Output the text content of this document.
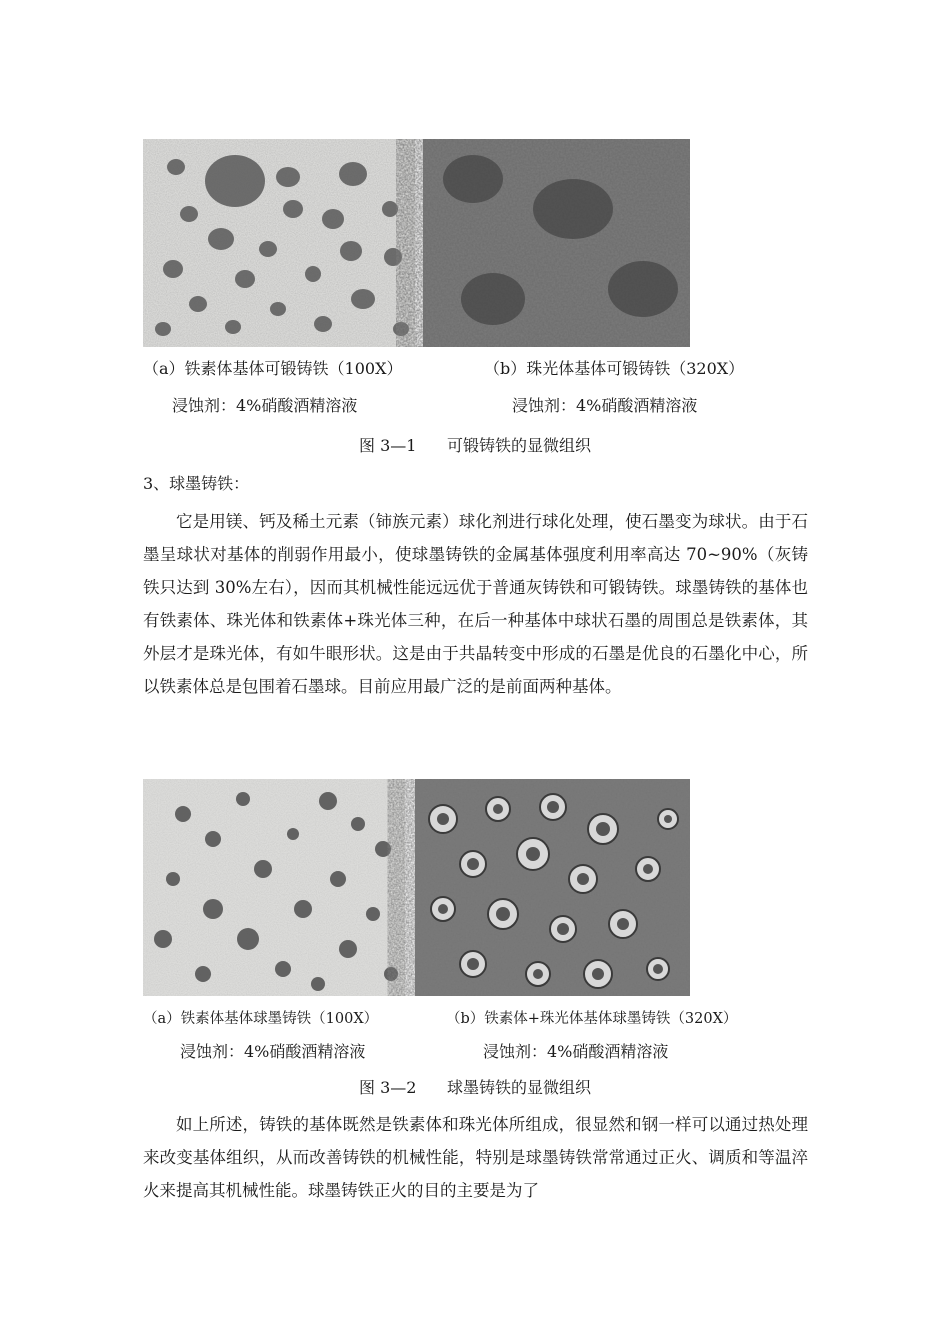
（a）铁素体基体可锻铸铁（100X）
浸蚀剂：4%硝酸酒精溶液
（b）珠光体基体可锻铸铁（320X）
浸蚀剂：4%硝酸酒精溶液
图 3—1      可锻铸铁的显微组织
3、球墨铸铁：
它是用镁、钙及稀土元素（铈族元素）球化剂进行球化处理，使石墨变为球状。由于石墨呈球状对基体的削弱作用最小，使球墨铸铁的金属基体强度利用率高达 70~90%（灰铸铁只达到 30%左右），因而其机械性能远远优于普通灰铸铁和可锻铸铁。球墨铸铁的基体也有铁素体、珠光体和铁素体+珠光体三种，在后一种基体中球状石墨的周围总是铁素体，其外层才是珠光体，有如牛眼形状。这是由于共晶转变中形成的石墨是优良的石墨化中心，所以铁素体总是包围着石墨球。目前应用最广泛的是前面两种基体。
（a）铁素体基体球墨铸铁（100X）
浸蚀剂：4%硝酸酒精溶液
（b）铁素体+珠光体基体球墨铸铁（320X）
浸蚀剂：4%硝酸酒精溶液
图 3—2      球墨铸铁的显微组织
如上所述，铸铁的基体既然是铁素体和珠光体所组成，很显然和钢一样可以通过热处理来改变基体组织，从而改善铸铁的机械性能，特别是球墨铸铁常常通过正火、调质和等温淬火来提高其机械性能。球墨铸铁正火的目的主要是为了
